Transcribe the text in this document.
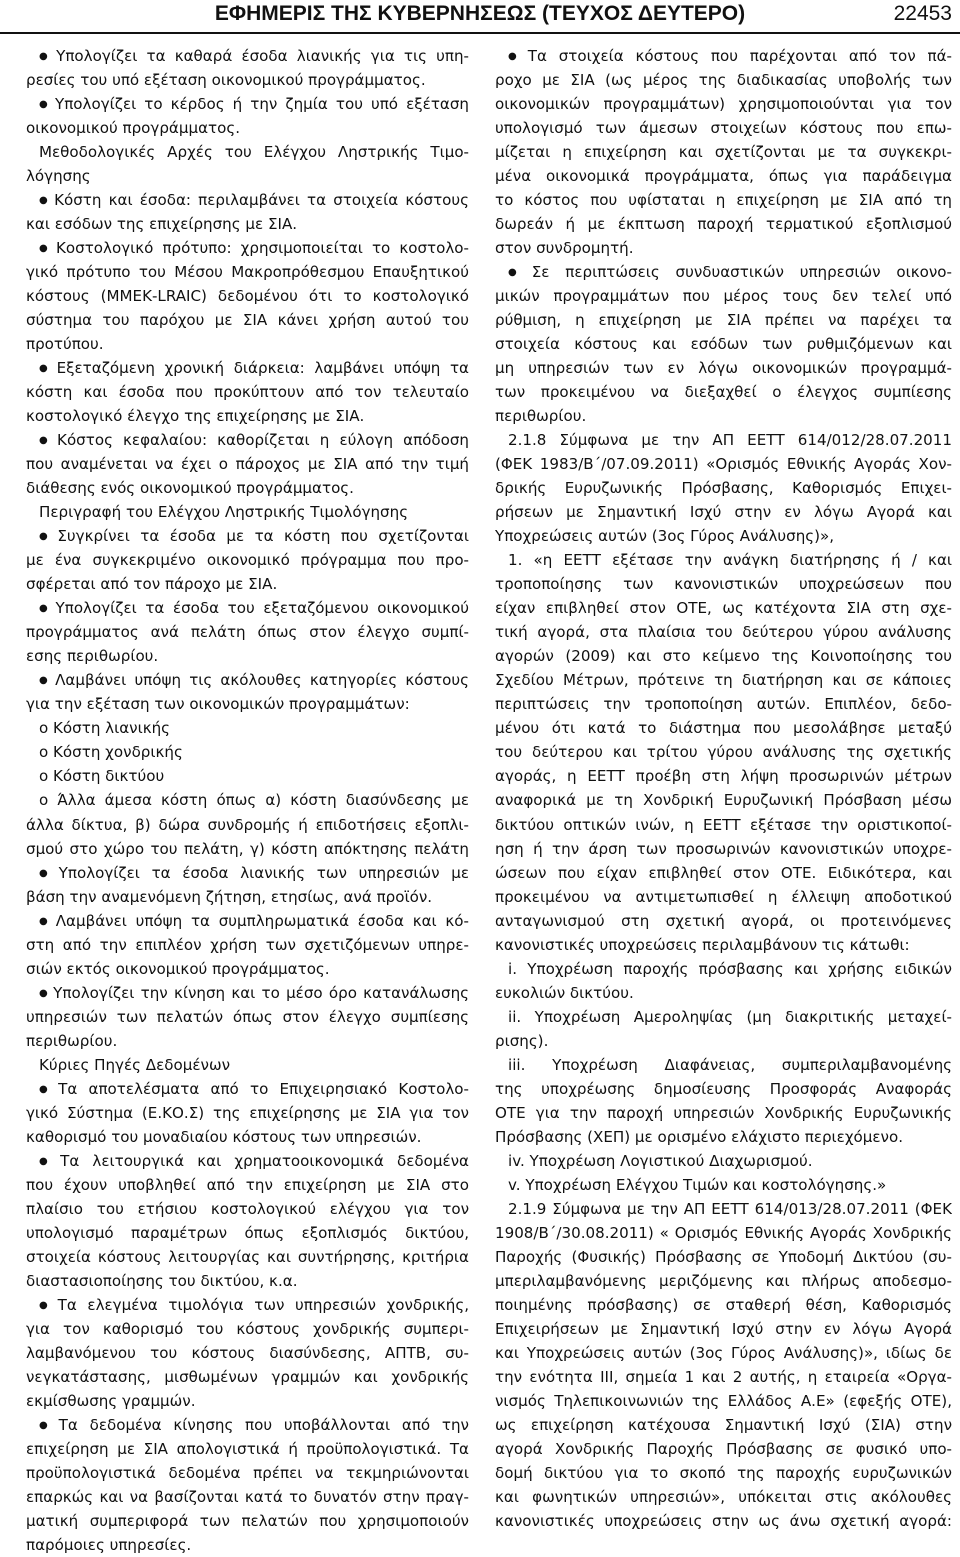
ΕΦΗΜΕΡΙΣ ΤΗΣ ΚΥΒΕΡΝΗΣΕΩΣ (ΤΕΥΧΟΣ ΔΕΥΤΕΡΟ)	22453
● Υπολογίζει τα καθαρά έσοδα λιανικής για τις υπη-
ρεσίες του υπό εξέταση οικονομικού προγράμματος.
● Υπολογίζει το κέρδος ή την ζημία του υπό εξέταση
οικονομικού προγράμματος.
Μεθοδολογικές Αρχές του Ελέγχου Ληστρικής Τιμο-
λόγησης
● Κόστη και έσοδα: περιλαμβάνει τα στοιχεία κόστους
και εσόδων της επιχείρησης με ΣΙΑ.
● Κοστολογικό πρότυπο: χρησιμοποιείται το κοστολο-
γικό πρότυπο του Μέσου Μακροπρόθεσμου Επαυξητικού
κόστους (ΜΜΕΚ-LRAIC) δεδομένου ότι το κοστολογικό
σύστημα του παρόχου με ΣΙΑ κάνει χρήση αυτού του
προτύπου.
● Εξεταζόμενη χρονική διάρκεια: λαμβάνει υπόψη τα
κόστη και έσοδα που προκύπτουν από τον τελευταίο
κοστολογικό έλεγχο της επιχείρησης με ΣΙΑ.
● Κόστος κεφαλαίου: καθορίζεται η εύλογη απόδοση
που αναμένεται να έχει ο πάροχος με ΣΙΑ από την τιμή
διάθεσης ενός οικονομικού προγράμματος.
Περιγραφή του Ελέγχου Ληστρικής Τιμολόγησης
● Συγκρίνει τα έσοδα με τα κόστη που σχετίζονται
με ένα συγκεκριμένο οικονομικό πρόγραμμα που προ-
σφέρεται από τον πάροχο με ΣΙΑ.
● Υπολογίζει τα έσοδα του εξεταζόμενου οικονομικού
προγράμματος ανά πελάτη όπως στον έλεγχο συμπί-
εσης περιθωρίου.
● Λαμβάνει υπόψη τις ακόλουθες κατηγορίες κόστους
για την εξέταση των οικονομικών προγραμμάτων:
o Κόστη λιανικής
o Κόστη χονδρικής
o Κόστη δικτύου
o Άλλα άμεσα κόστη όπως α) κόστη διασύνδεσης με
άλλα δίκτυα, β) δώρα συνδρομής ή επιδοτήσεις εξοπλι-
σμού στο χώρο του πελάτη, γ) κόστη απόκτησης πελάτη
● Υπολογίζει τα έσοδα λιανικής των υπηρεσιών με
βάση την αναμενόμενη ζήτηση, ετησίως, ανά προϊόν.
● Λαμβάνει υπόψη τα συμπληρωματικά έσοδα και κό-
στη από την επιπλέον χρήση των σχετιζόμενων υπηρε-
σιών εκτός οικονομικού προγράμματος.
● Υπολογίζει την κίνηση και το μέσο όρο κατανάλωσης
υπηρεσιών των πελατών όπως στον έλεγχο συμπίεσης
περιθωρίου.
Κύριες Πηγές Δεδομένων
● Τα αποτελέσματα από το Επιχειρησιακό Κοστολο-
γικό Σύστημα (Ε.ΚΟ.Σ) της επιχείρησης με ΣΙΑ για τον
καθορισμό του μοναδιαίου κόστους των υπηρεσιών.
● Τα λειτουργικά και χρηματοοικονομικά δεδομένα
που έχουν υποβληθεί από την επιχείρηση με ΣΙΑ στο
πλαίσιο του ετήσιου κοστολογικού ελέγχου για τον
υπολογισμό παραμέτρων όπως εξοπλισμός δικτύου,
στοιχεία κόστους λειτουργίας και συντήρησης, κριτήρια
διαστασιοποίησης του δικτύου, κ.α.
● Τα ελεγμένα τιμολόγια των υπηρεσιών χονδρικής,
για τον καθορισμό του κόστους χονδρικής συμπερι-
λαμβανόμενου του κόστους διασύνδεσης, ΑΠΤΒ, συ-
νεγκατάστασης, μισθωμένων γραμμών και χονδρικής
εκμίσθωσης γραμμών.
● Τα δεδομένα κίνησης που υποβάλλονται από την
επιχείρηση με ΣΙΑ απολογιστικά ή προϋπολογιστικά. Τα
προϋπολογιστικά δεδομένα πρέπει να τεκμηριώνονται
επαρκώς και να βασίζονται κατά το δυνατόν στην πραγ-
ματική συμπεριφορά των πελατών που χρησιμοποιούν
παρόμοιες υπηρεσίες.
● Τα στοιχεία κόστους που παρέχονται από τον πά-
ροχο με ΣΙΑ (ως μέρος της διαδικασίας υποβολής των
οικονομικών προγραμμάτων) χρησιμοποιούνται για τον
υπολογισμό των άμεσων στοιχείων κόστους που επω-
μίζεται η επιχείρηση και σχετίζονται με τα συγκεκρι-
μένα οικονομικά προγράμματα, όπως για παράδειγμα
το κόστος που υφίσταται η επιχείρηση με ΣΙΑ από τη
δωρεάν ή με έκπτωση παροχή τερματικού εξοπλισμού
στον συνδρομητή.
● Σε περιπτώσεις συνδυαστικών υπηρεσιών οικονο-
μικών προγραμμάτων που μέρος τους δεν τελεί υπό
ρύθμιση, η επιχείρηση με ΣΙΑ πρέπει να παρέχει τα
στοιχεία κόστους και εσόδων των ρυθμιζόμενων και
μη υπηρεσιών των εν λόγω οικονομικών προγραμμά-
των προκειμένου να διεξαχθεί ο έλεγχος συμπίεσης
περιθωρίου.
2.1.8 Σύμφωνα με την ΑΠ ΕΕΤΤ 614/012/28.07.2011
(ΦΕΚ 1983/Β΄/07.09.2011) «Ορισμός Εθνικής Αγοράς Χον-
δρικής Ευρυζωνικής Πρόσβασης, Καθορισμός Επιχει-
ρήσεων με Σημαντική Ισχύ στην εν λόγω Αγορά και
Υποχρεώσεις αυτών (3ος Γύρος Ανάλυσης)»,
1. «η ΕΕΤΤ εξέτασε την ανάγκη διατήρησης ή / και
τροποποίησης των κανονιστικών υποχρεώσεων που
είχαν επιβληθεί στον ΟΤΕ, ως κατέχοντα ΣΙΑ στη σχε-
τική αγορά, στα πλαίσια του δεύτερου γύρου ανάλυσης
αγορών (2009) και στο κείμενο της Κοινοποίησης του
Σχεδίου Μέτρων, πρότεινε τη διατήρηση και σε κάποιες
περιπτώσεις την τροποποίηση αυτών. Επιπλέον, δεδο-
μένου ότι κατά το διάστημα που μεσολάβησε μεταξύ
του δεύτερου και τρίτου γύρου ανάλυσης της σχετικής
αγοράς, η ΕΕΤΤ προέβη στη λήψη προσωρινών μέτρων
αναφορικά με τη Χονδρική Ευρυζωνική Πρόσβαση μέσω
δικτύου οπτικών ινών, η ΕΕΤΤ εξέτασε την οριστικοποί-
ηση ή την άρση των προσωρινών κανονιστικών υποχρε-
ώσεων που είχαν επιβληθεί στον ΟΤΕ. Ειδικότερα, και
προκειμένου να αντιμετωπισθεί η έλλειψη αποδοτικού
ανταγωνισμού στη σχετική αγορά, οι προτεινόμενες
κανονιστικές υποχρεώσεις περιλαμβάνουν τις κάτωθι:
i. Υποχρέωση παροχής πρόσβασης και χρήσης ειδικών
ευκολιών δικτύου.
ii. Υποχρέωση Αμεροληψίας (μη διακριτικής μεταχεί-
ρισης).
iii. Υποχρέωση Διαφάνειας, συμπεριλαμβανομένης
της υποχρέωσης δημοσίευσης Προσφοράς Αναφοράς
ΟΤΕ για την παροχή υπηρεσιών Χονδρικής Ευρυζωνικής
Πρόσβασης (ΧΕΠ) με ορισμένο ελάχιστο περιεχόμενο.
iv. Υποχρέωση Λογιστικού Διαχωρισμού.
v. Υποχρέωση Ελέγχου Τιμών και κοστολόγησης.»
2.1.9 Σύμφωνα με την ΑΠ ΕΕΤΤ 614/013/28.07.2011 (ΦΕΚ
1908/Β΄/30.08.2011) « Ορισμός Εθνικής Αγοράς Χονδρικής
Παροχής (Φυσικής) Πρόσβασης σε Υποδομή Δικτύου (συ-
μπεριλαμβανόμενης μεριζόμενης και πλήρως αποδεσμο-
ποιημένης πρόσβασης) σε σταθερή θέση, Καθορισμός
Επιχειρήσεων με Σημαντική Ισχύ στην εν λόγω Αγορά
και Υποχρεώσεις αυτών (3ος Γύρος Ανάλυσης)», ιδίως δε
την ενότητα ΙΙΙ, σημεία 1 και 2 αυτής, η εταιρεία «Οργα-
νισμός Τηλεπικοινωνιών της Ελλάδος Α.Ε» (εφεξής ΟΤΕ),
ως επιχείρηση κατέχουσα Σημαντική Ισχύ (ΣΙΑ) στην
αγορά Χονδρικής Παροχής Πρόσβασης σε φυσικό υπο-
δομή δικτύου για το σκοπό της παροχής ευρυζωνικών
και φωνητικών υπηρεσιών», υπόκειται στις ακόλουθες
κανονιστικές υποχρεώσεις στην ως άνω σχετική αγορά:
